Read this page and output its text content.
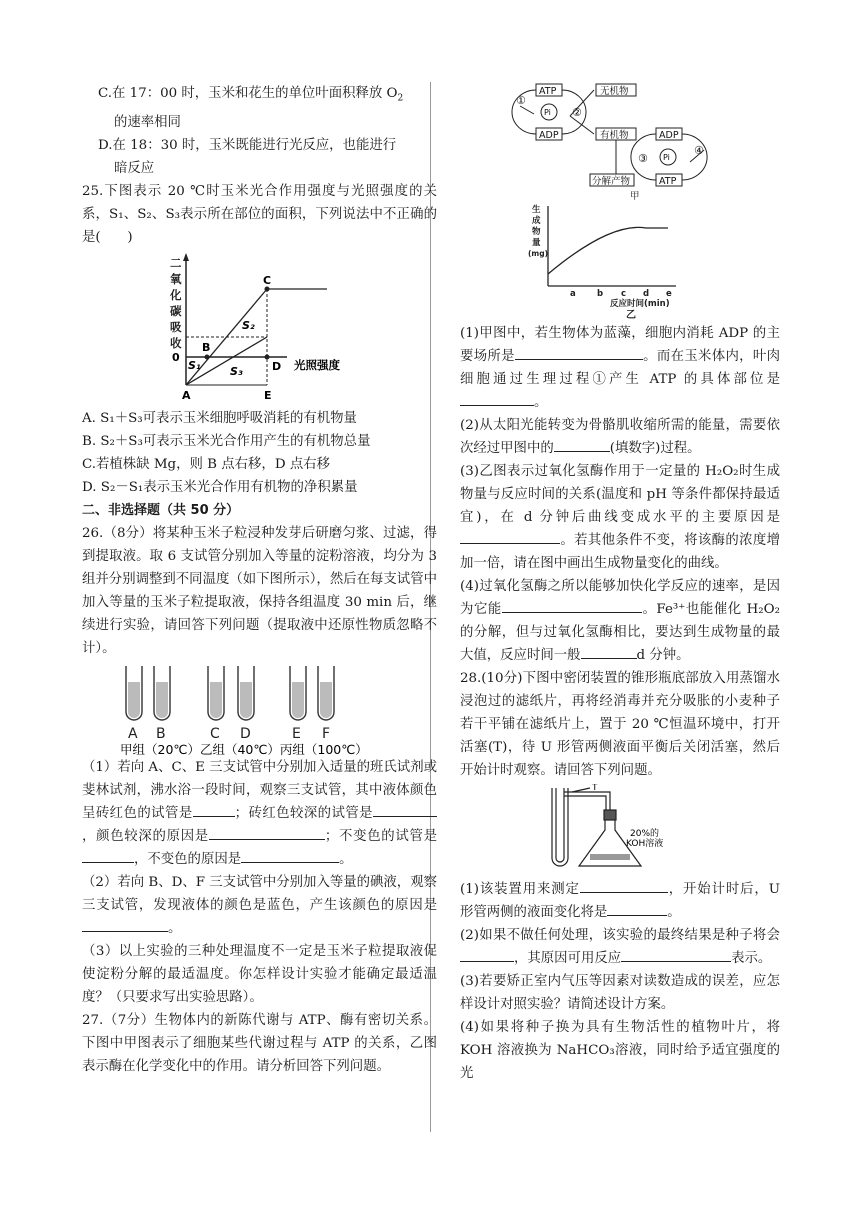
C.在 17：00 时，玉米和花生的单位叶面积释放 $O_2$

的速率相同

D.在 18：30 时，玉米既能进行光反应，也能进行

暗反应

25.下图表示 20 ℃时玉米光合作用强度与光照强度的关系，S₁、S₂、S₃表示所在部位的面积，下列说法中不正确的是(　　)

二
氧
化
碳
吸
收
0
光照强度
A
B
C
D
E
S₁
S₂
S₃

A. S₁＋S₃可表示玉米细胞呼吸消耗的有机物量

B. S₂＋S₃可表示玉米光合作用产生的有机物总量

C.若植株缺 Mg，则 B 点右移，D 点右移

D. S₂－S₁表示玉米光合作用有机物的净积累量

二、非选择题（共 50 分）

26.（8分）将某种玉米子粒浸种发芽后研磨匀浆、过滤，得到提取液。取 6 支试管分别加入等量的淀粉溶液，均分为 3 组并分别调整到不同温度（如下图所示），然后在每支试管中加入等量的玉米子粒提取液，保持各组温度 30 min 后，继续进行实验，请回答下列问题（提取液中还原性物质忽略不计）。

A B	C D	E F
甲组（20℃）乙组（40℃）丙组（100℃）

（1）若向 A、C、E 三支试管中分别加入适量的班氏试剂或斐林试剂，沸水浴一段时间，观察三支试管，其中液体颜色呈砖红色的试管是	；砖红色较深的试管是，颜色较深的原因是	；不变色的试管是，不变色的原因是	。

（2）若向 B、D、F 三支试管中分别加入等量的碘液，观察三支试管，发现液体的颜色是蓝色，产生该颜色的原因是。

（3）以上实验的三种处理温度不一定是玉米子粒提取液促使淀粉分解的最适温度。你怎样设计实验才能确定最适温度？（只要求写出实验思路）。

27.（7分）生物体内的新陈代谢与 ATP、酶有密切关系。下图中甲图表示了细胞某些代谢过程与 ATP 的关系，乙图表示酶在化学变化中的作用。请分析回答下列问题。

ATP
ADP
Pi
无机物
有机物	ADP
Pi
ATP
分解产物
①
②
③
④
甲
生
成
物
量
(mg)
a	b c d e
反应时间(min)
乙

(1)甲图中，若生物体为蓝藻，细胞内消耗 ADP 的主要场所是	。而在玉米体内，叶肉细胞通过生理过程①产生 ATP 的具体部位是。

(2)从太阳光能转变为骨骼肌收缩所需的能量，需要依次经过甲图中的	(填数字)过程。

(3)乙图表示过氧化氢酶作用于一定量的 H₂O₂时生成物量与反应时间的关系(温度和 pH 等条件都保持最适宜)，在 d 分钟后曲线变成水平的主要原因是。若其他条件不变，将该酶的浓度增加一倍，请在图中画出生成物量变化的曲线。

(4)过氧化氢酶之所以能够加快化学反应的速率，是因为它能	。Fe³⁺也能催化 H₂O₂的分解，但与过氧化氢酶相比，要达到生成物量的最大值，反应时间一般	d 分钟。

28.(10分)下图中密闭装置的锥形瓶底部放入用蒸馏水浸泡过的滤纸片，再将经消毒并充分吸胀的小麦种子若干平铺在滤纸片上，置于 20 ℃恒温环境中，打开活塞(T)，待 U 形管两侧液面平衡后关闭活塞，然后开始计时观察。请回答下列问题。

T
20%的
KOH溶液

(1)该装置用来测定	，开始计时后，U 形管两侧的液面变化将是	。

(2)如果不做任何处理，该实验的最终结果是种子将会，其原因可用反应	表示。

(3)若要矫正室内气压等因素对读数造成的误差，应怎样设计对照实验？请简述设计方案。

(4)如果将种子换为具有生物活性的植物叶片，将 KOH 溶液换为 NaHCO₃溶液，同时给予适宜强度的光
